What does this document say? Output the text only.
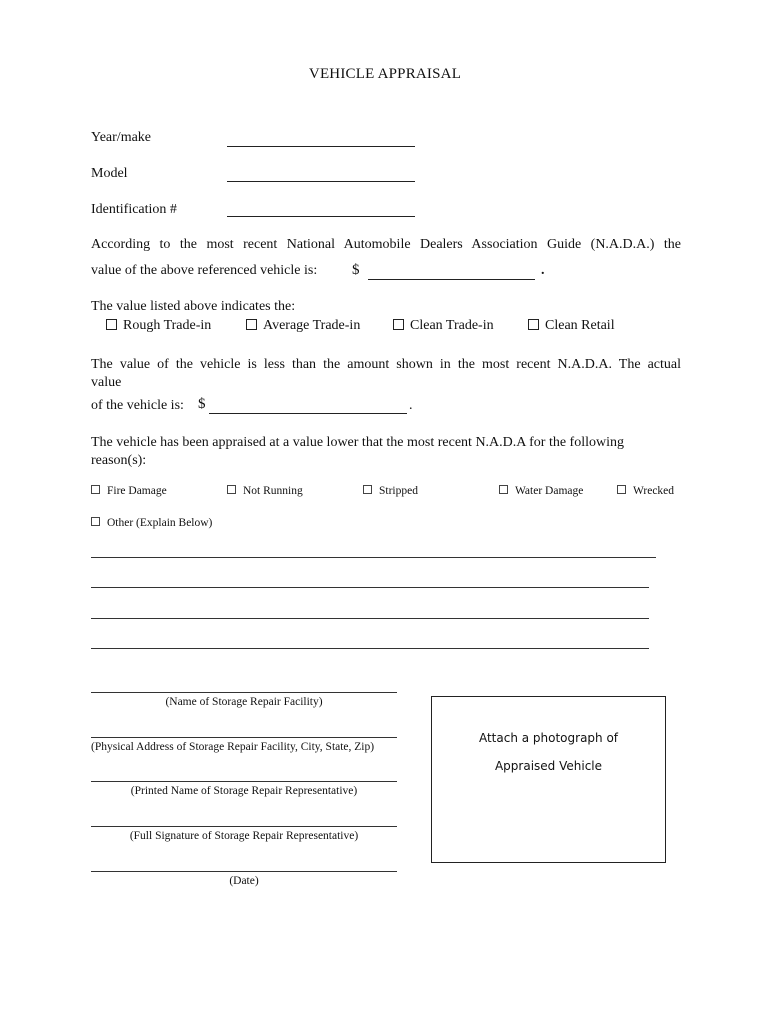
VEHICLE APPRAISAL
Year/make
Model
Identification #
According to the most recent National Automobile Dealers Association Guide (N.A.D.A.) the
value of the above referenced vehicle is: $	.
The value listed above indicates the:
Rough Trade-in	Average Trade-in	Clean Trade-in	Clean Retail
The value of the vehicle is less than the amount shown in the most recent N.A.D.A. The actual
value
of the vehicle is: $	.
The vehicle has been appraised at a value lower that the most recent N.A.D.A for the following
reason(s):
Fire Damage	Not Running	Stripped	Water Damage	Wrecked
Other (Explain Below)
(Name of Storage Repair Facility)
(Physical Address of Storage Repair Facility, City, State, Zip)
(Printed Name of Storage Repair Representative)
(Full Signature of Storage Repair Representative)
(Date)
Attach a photograph of
Appraised Vehicle
